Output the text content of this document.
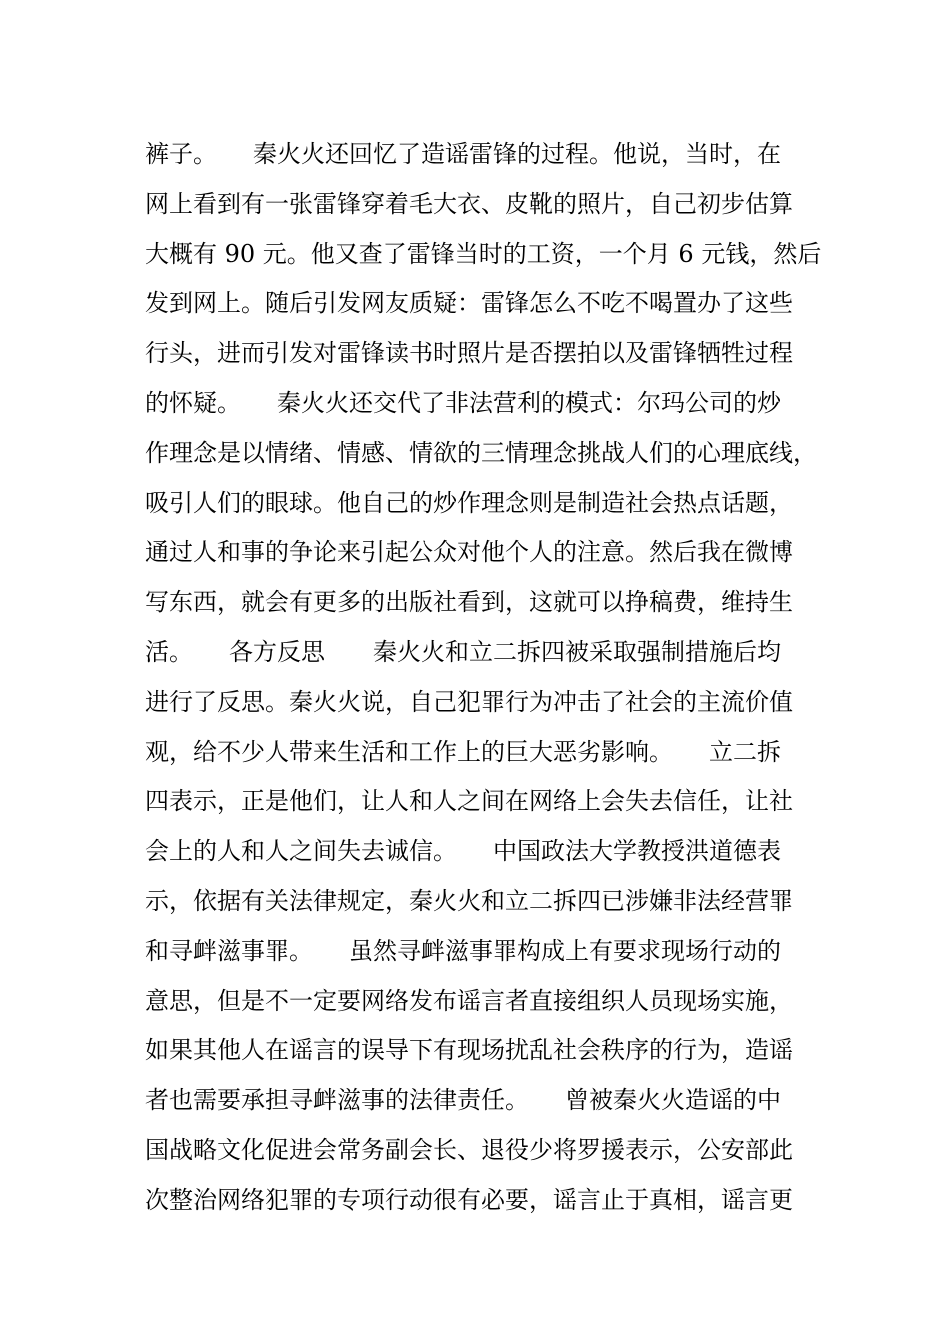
裤子。　　秦火火还回忆了造谣雷锋的过程。他说，当时，在
网上看到有一张雷锋穿着毛大衣、皮靴的照片，自己初步估算
大概有 90 元。他又查了雷锋当时的工资，一个月 6 元钱，然后
发到网上。随后引发网友质疑：雷锋怎么不吃不喝置办了这些
行头，进而引发对雷锋读书时照片是否摆拍以及雷锋牺牲过程
的怀疑。　　秦火火还交代了非法营利的模式：尔玛公司的炒
作理念是以情绪、情感、情欲的三情理念挑战人们的心理底线，
吸引人们的眼球。他自己的炒作理念则是制造社会热点话题，
通过人和事的争论来引起公众对他个人的注意。然后我在微博
写东西，就会有更多的出版社看到，这就可以挣稿费，维持生
活。　　各方反思　　秦火火和立二拆四被采取强制措施后均
进行了反思。秦火火说，自己犯罪行为冲击了社会的主流价值
观，给不少人带来生活和工作上的巨大恶劣影响。　　立二拆
四表示，正是他们，让人和人之间在网络上会失去信任，让社
会上的人和人之间失去诚信。　　中国政法大学教授洪道德表
示，依据有关法律规定，秦火火和立二拆四已涉嫌非法经营罪
和寻衅滋事罪。　　虽然寻衅滋事罪构成上有要求现场行动的
意思，但是不一定要网络发布谣言者直接组织人员现场实施，
如果其他人在谣言的误导下有现场扰乱社会秩序的行为，造谣
者也需要承担寻衅滋事的法律责任。　　曾被秦火火造谣的中
国战略文化促进会常务副会长、退役少将罗援表示，公安部此
次整治网络犯罪的专项行动很有必要，谣言止于真相，谣言更
